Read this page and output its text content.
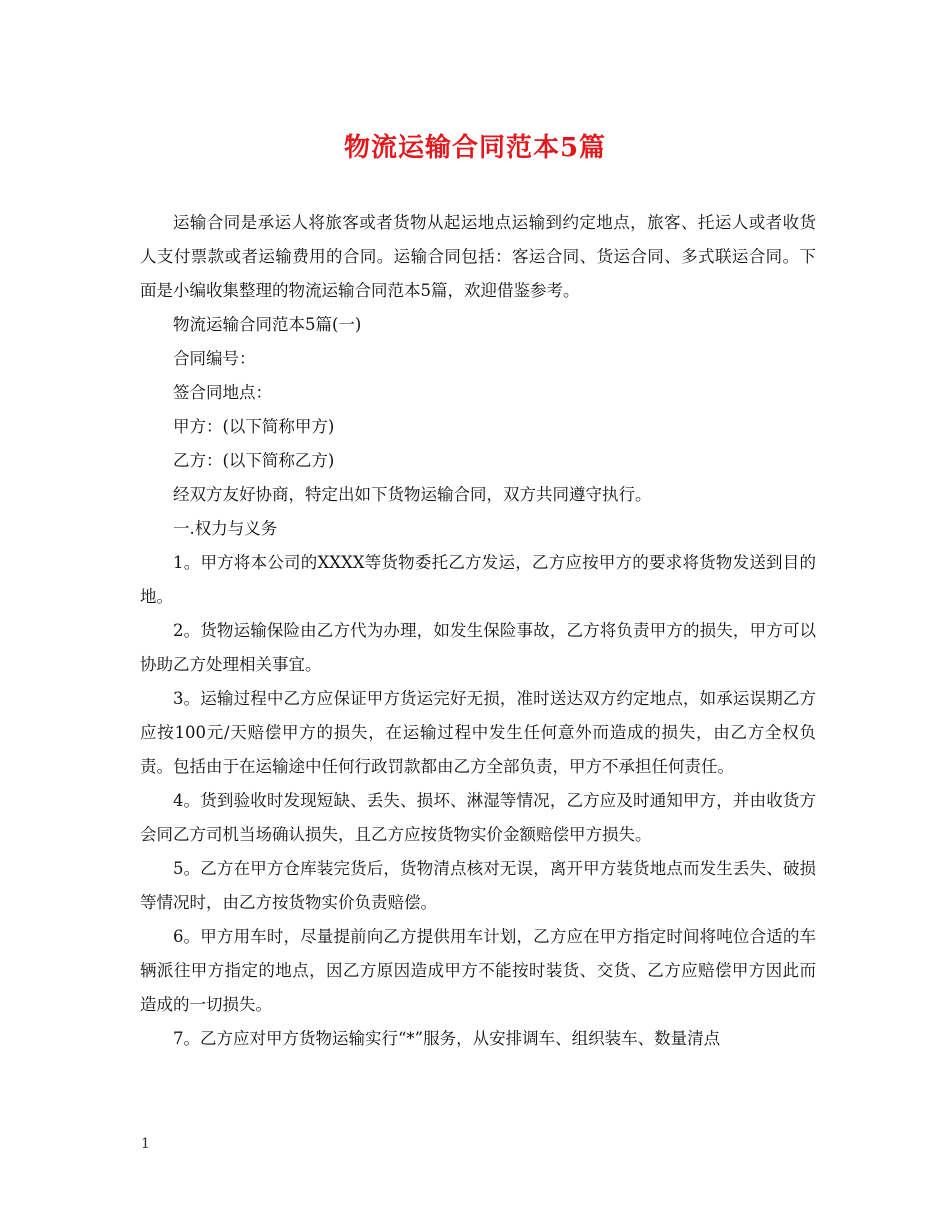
物流运输合同范本5篇

运输合同是承运人将旅客或者货物从起运地点运输到约定地点，旅客、托运人或者收货人支付票款或者运输费用的合同。运输合同包括：客运合同、货运合同、多式联运合同。下面是小编收集整理的物流运输合同范本5篇，欢迎借鉴参考。

物流运输合同范本5篇(一)

合同编号：

签合同地点：

甲方：(以下简称甲方)

乙方：(以下简称乙方)

经双方友好协商，特定出如下货物运输合同，双方共同遵守执行。

一.权力与义务

1。甲方将本公司的XXXX等货物委托乙方发运，乙方应按甲方的要求将货物发送到目的地。

2。货物运输保险由乙方代为办理，如发生保险事故，乙方将负责甲方的损失，甲方可以协助乙方处理相关事宜。

3。运输过程中乙方应保证甲方货运完好无损，准时送达双方约定地点，如承运误期乙方应按100元/天赔偿甲方的损失，在运输过程中发生任何意外而造成的损失，由乙方全权负责。包括由于在运输途中任何行政罚款都由乙方全部负责，甲方不承担任何责任。

4。货到验收时发现短缺、丢失、损坏、淋湿等情况，乙方应及时通知甲方，并由收货方会同乙方司机当场确认损失，且乙方应按货物实价金额赔偿甲方损失。

5。乙方在甲方仓库装完货后，货物清点核对无误，离开甲方装货地点而发生丢失、破损等情况时，由乙方按货物实价负责赔偿。

6。甲方用车时，尽量提前向乙方提供用车计划，乙方应在甲方指定时间将吨位合适的车辆派往甲方指定的地点，因乙方原因造成甲方不能按时装货、交货、乙方应赔偿甲方因此而造成的一切损失。

7。乙方应对甲方货物运输实行“*”服务，从安排调车、组织装车、数量清点

1
